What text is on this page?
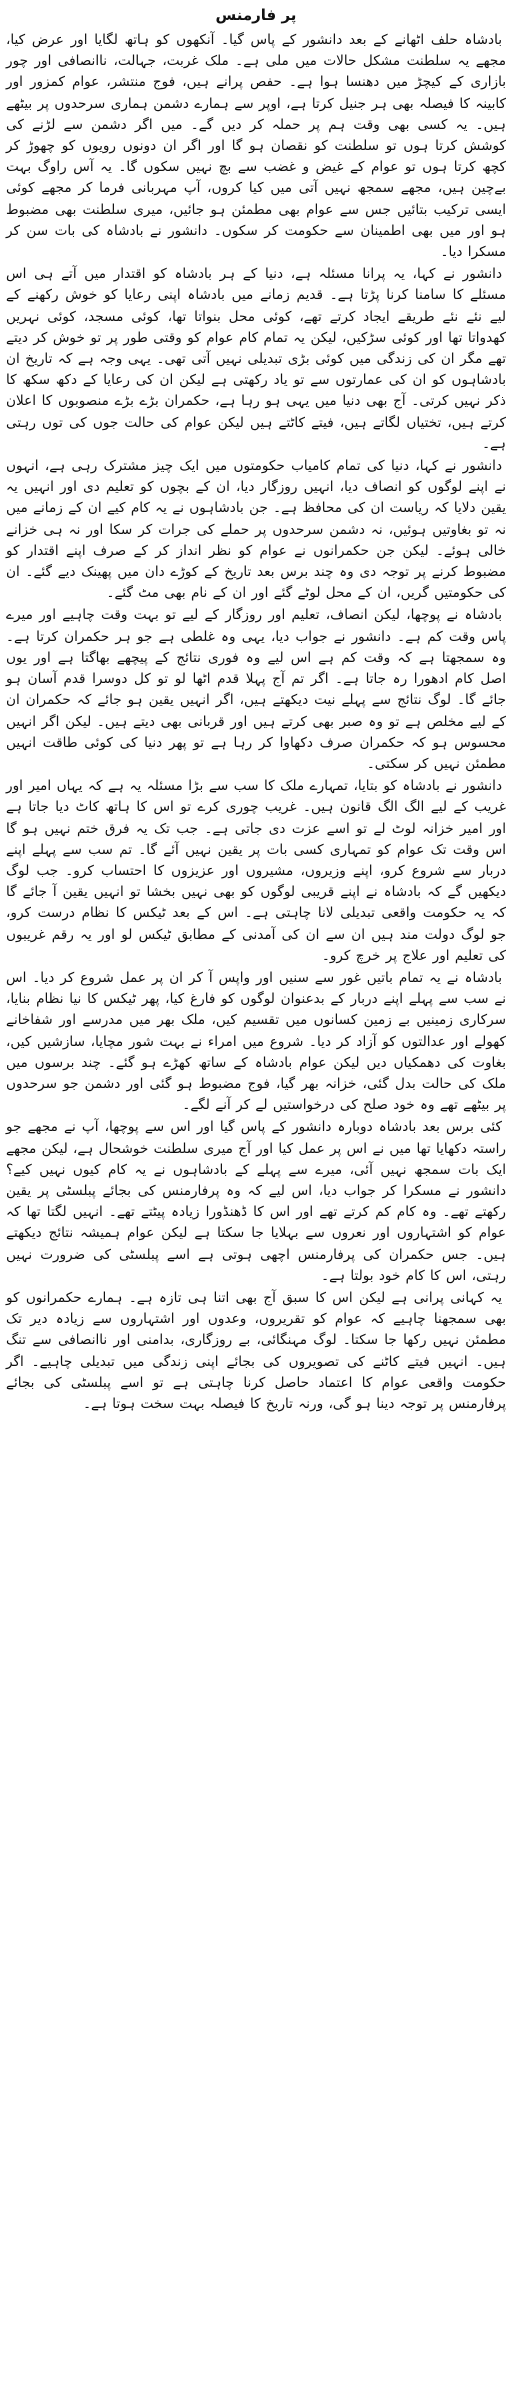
پر فارمنس

بادشاہ حلف اٹھانے کے بعد دانشور کے پاس گیا۔ آنکھوں کو ہاتھ لگایا اور عرض کیا، مجھے یہ سلطنت مشکل حالات میں ملی ہے۔ ملک غربت، جہالت، ناانصافی اور چور بازاری کے کیچڑ میں دھنسا ہوا ہے۔ حفص پرانے ہیں، فوج منتشر، عوام کمزور اور کابینہ کا فیصلہ بھی ہر جنیل کرتا ہے، اوپر سے ہمارے دشمن ہماری سرحدوں پر بیٹھے ہیں۔ یہ کسی بھی وقت ہم پر حملہ کر دیں گے۔ میں اگر دشمن سے لڑنے کی کوشش کرتا ہوں تو سلطنت کو نقصان ہو گا اور اگر ان دونوں رویوں کو چھوڑ کر کچھ کرتا ہوں تو عوام کے غیض و غضب سے بچ نہیں سکوں گا۔ یہ آس راوگ بہت بےچین ہیں، مجھے سمجھ نہیں آتی میں کیا کروں، آپ مہربانی فرما کر مجھے کوئی ایسی ترکیب بتائیں جس سے عوام بھی مطمئن ہو جائیں، میری سلطنت بھی مضبوط ہو اور میں بھی اطمینان سے حکومت کر سکوں۔ دانشور نے بادشاہ کی بات سن کر مسکرا دیا۔

دانشور نے کہا، یہ پرانا مسئلہ ہے، دنیا کے ہر بادشاہ کو اقتدار میں آتے ہی اس مسئلے کا سامنا کرنا پڑتا ہے۔ قدیم زمانے میں بادشاہ اپنی رعایا کو خوش رکھنے کے لیے نئے نئے طریقے ایجاد کرتے تھے، کوئی محل بنواتا تھا، کوئی مسجد، کوئی نہریں کھدواتا تھا اور کوئی سڑکیں، لیکن یہ تمام کام عوام کو وقتی طور پر تو خوش کر دیتے تھے مگر ان کی زندگی میں کوئی بڑی تبدیلی نہیں آتی تھی۔ یہی وجہ ہے کہ تاریخ ان بادشاہوں کو ان کی عمارتوں سے تو یاد رکھتی ہے لیکن ان کی رعایا کے دکھ سکھ کا ذکر نہیں کرتی۔ آج بھی دنیا میں یہی ہو رہا ہے، حکمران بڑے بڑے منصوبوں کا اعلان کرتے ہیں، تختیاں لگاتے ہیں، فیتے کاٹتے ہیں لیکن عوام کی حالت جوں کی توں رہتی ہے۔

دانشور نے کہا، دنیا کی تمام کامیاب حکومتوں میں ایک چیز مشترک رہی ہے، انہوں نے اپنے لوگوں کو انصاف دیا، انہیں روزگار دیا، ان کے بچوں کو تعلیم دی اور انہیں یہ یقین دلایا کہ ریاست ان کی محافظ ہے۔ جن بادشاہوں نے یہ کام کیے ان کے زمانے میں نہ تو بغاوتیں ہوئیں، نہ دشمن سرحدوں پر حملے کی جرات کر سکا اور نہ ہی خزانے خالی ہوئے۔ لیکن جن حکمرانوں نے عوام کو نظر انداز کر کے صرف اپنے اقتدار کو مضبوط کرنے پر توجہ دی وہ چند برس بعد تاریخ کے کوڑے دان میں پھینک دیے گئے۔ ان کی حکومتیں گریں، ان کے محل لوٹے گئے اور ان کے نام بھی مٹ گئے۔

بادشاہ نے پوچھا، لیکن انصاف، تعلیم اور روزگار کے لیے تو بہت وقت چاہیے اور میرے پاس وقت کم ہے۔ دانشور نے جواب دیا، یہی وہ غلطی ہے جو ہر حکمران کرتا ہے۔ وہ سمجھتا ہے کہ وقت کم ہے اس لیے وہ فوری نتائج کے پیچھے بھاگتا ہے اور یوں اصل کام ادھورا رہ جاتا ہے۔ اگر تم آج پہلا قدم اٹھا لو تو کل دوسرا قدم آسان ہو جائے گا۔ لوگ نتائج سے پہلے نیت دیکھتے ہیں، اگر انہیں یقین ہو جائے کہ حکمران ان کے لیے مخلص ہے تو وہ صبر بھی کرتے ہیں اور قربانی بھی دیتے ہیں۔ لیکن اگر انہیں محسوس ہو کہ حکمران صرف دکھاوا کر رہا ہے تو پھر دنیا کی کوئی طاقت انہیں مطمئن نہیں کر سکتی۔

دانشور نے بادشاہ کو بتایا، تمہارے ملک کا سب سے بڑا مسئلہ یہ ہے کہ یہاں امیر اور غریب کے لیے الگ الگ قانون ہیں۔ غریب چوری کرے تو اس کا ہاتھ کاٹ دیا جاتا ہے اور امیر خزانہ لوٹ لے تو اسے عزت دی جاتی ہے۔ جب تک یہ فرق ختم نہیں ہو گا اس وقت تک عوام کو تمہاری کسی بات پر یقین نہیں آئے گا۔ تم سب سے پہلے اپنے دربار سے شروع کرو، اپنے وزیروں، مشیروں اور عزیزوں کا احتساب کرو۔ جب لوگ دیکھیں گے کہ بادشاہ نے اپنے قریبی لوگوں کو بھی نہیں بخشا تو انہیں یقین آ جائے گا کہ یہ حکومت واقعی تبدیلی لانا چاہتی ہے۔ اس کے بعد ٹیکس کا نظام درست کرو، جو لوگ دولت مند ہیں ان سے ان کی آمدنی کے مطابق ٹیکس لو اور یہ رقم غریبوں کی تعلیم اور علاج پر خرچ کرو۔

بادشاہ نے یہ تمام باتیں غور سے سنیں اور واپس آ کر ان پر عمل شروع کر دیا۔ اس نے سب سے پہلے اپنے دربار کے بدعنوان لوگوں کو فارغ کیا، پھر ٹیکس کا نیا نظام بنایا، سرکاری زمینیں بے زمین کسانوں میں تقسیم کیں، ملک بھر میں مدرسے اور شفاخانے کھولے اور عدالتوں کو آزاد کر دیا۔ شروع میں امراء نے بہت شور مچایا، سازشیں کیں، بغاوت کی دھمکیاں دیں لیکن عوام بادشاہ کے ساتھ کھڑے ہو گئے۔ چند برسوں میں ملک کی حالت بدل گئی، خزانہ بھر گیا، فوج مضبوط ہو گئی اور دشمن جو سرحدوں پر بیٹھے تھے وہ خود صلح کی درخواستیں لے کر آنے لگے۔

کئی برس بعد بادشاہ دوبارہ دانشور کے پاس گیا اور اس سے پوچھا، آپ نے مجھے جو راستہ دکھایا تھا میں نے اس پر عمل کیا اور آج میری سلطنت خوشحال ہے، لیکن مجھے ایک بات سمجھ نہیں آئی، میرے سے پہلے کے بادشاہوں نے یہ کام کیوں نہیں کیے؟ دانشور نے مسکرا کر جواب دیا، اس لیے کہ وہ پرفارمنس کی بجائے پبلسٹی پر یقین رکھتے تھے۔ وہ کام کم کرتے تھے اور اس کا ڈھنڈورا زیادہ پیٹتے تھے۔ انہیں لگتا تھا کہ عوام کو اشتہاروں اور نعروں سے بہلایا جا سکتا ہے لیکن عوام ہمیشہ نتائج دیکھتے ہیں۔ جس حکمران کی پرفارمنس اچھی ہوتی ہے اسے پبلسٹی کی ضرورت نہیں رہتی، اس کا کام خود بولتا ہے۔

یہ کہانی پرانی ہے لیکن اس کا سبق آج بھی اتنا ہی تازہ ہے۔ ہمارے حکمرانوں کو بھی سمجھنا چاہیے کہ عوام کو تقریروں، وعدوں اور اشتہاروں سے زیادہ دیر تک مطمئن نہیں رکھا جا سکتا۔ لوگ مہنگائی، بے روزگاری، بدامنی اور ناانصافی سے تنگ ہیں۔ انہیں فیتے کاٹنے کی تصویروں کی بجائے اپنی زندگی میں تبدیلی چاہیے۔ اگر حکومت واقعی عوام کا اعتماد حاصل کرنا چاہتی ہے تو اسے پبلسٹی کی بجائے پرفارمنس پر توجہ دینا ہو گی، ورنہ تاریخ کا فیصلہ بہت سخت ہوتا ہے۔
